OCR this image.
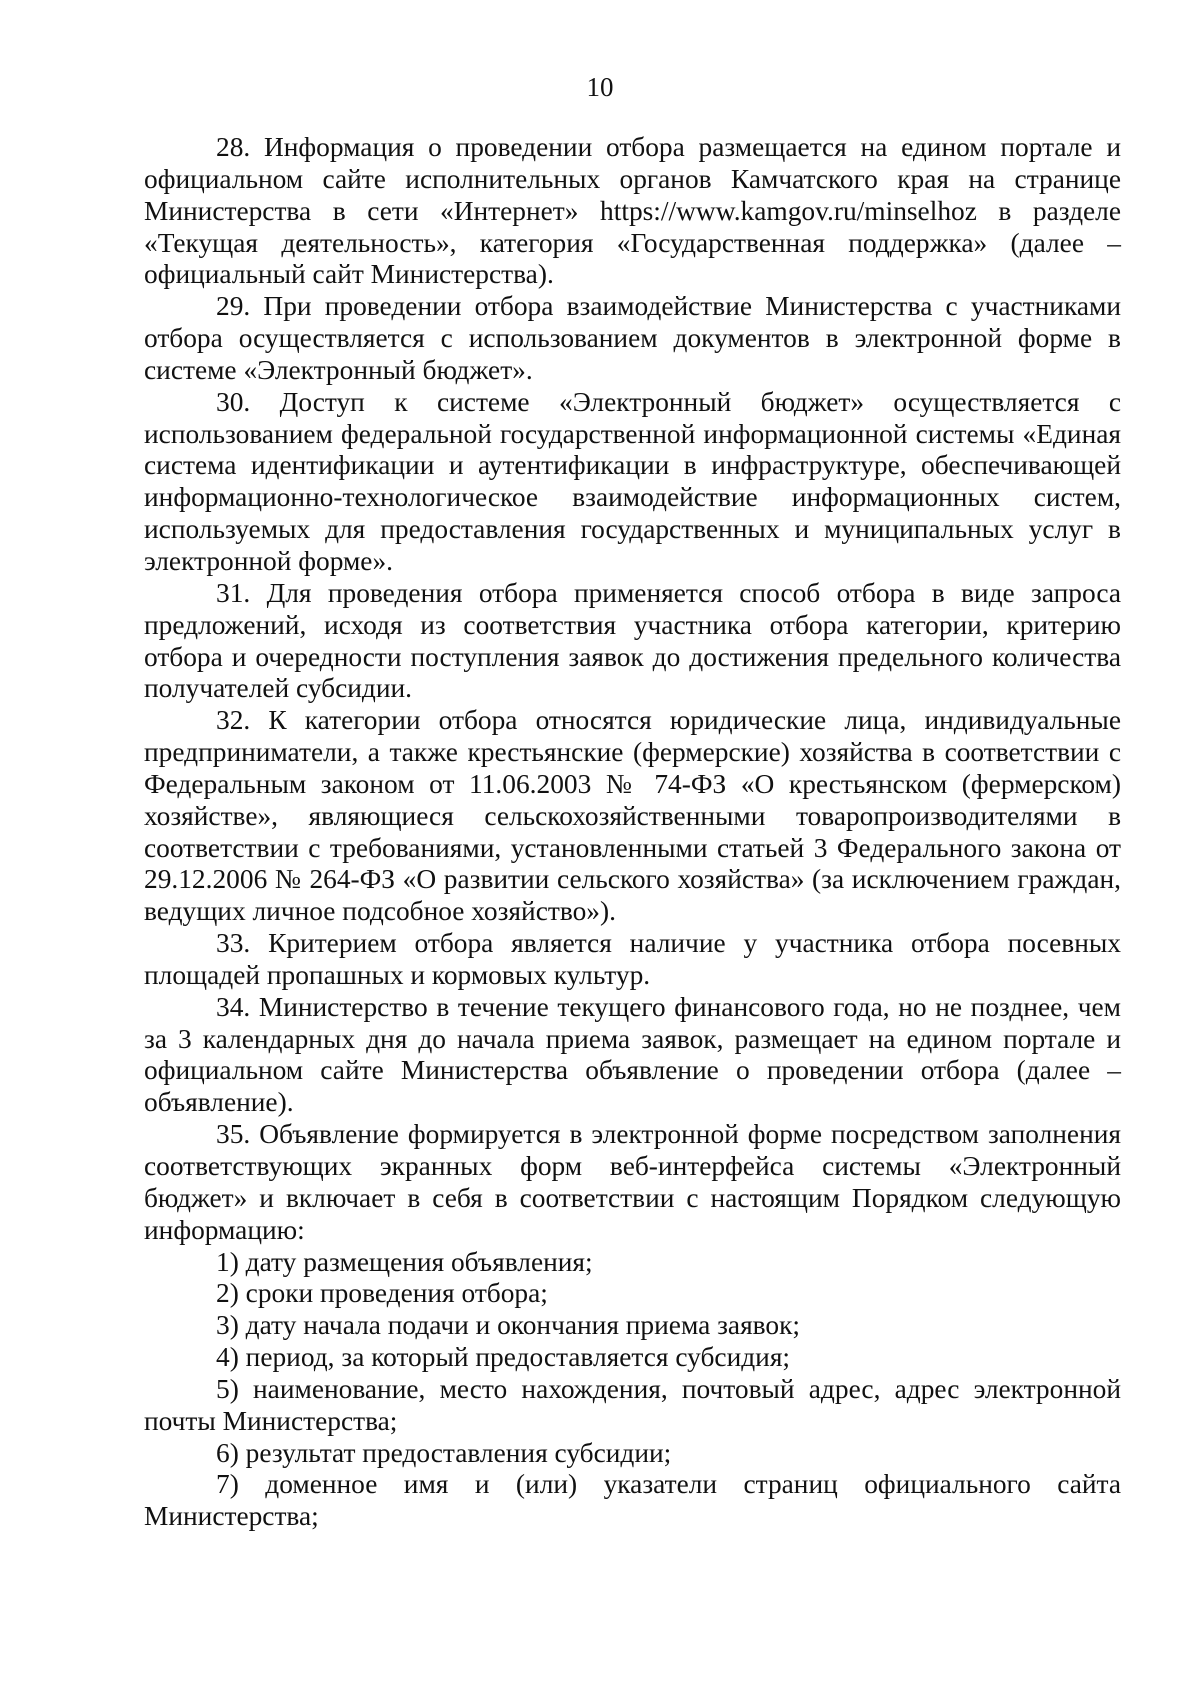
10

28. Информация о проведении отбора размещается на едином портале и официальном сайте исполнительных органов Камчатского края на странице Министерства в сети «Интернет» https://www.kamgov.ru/minselhoz в разделе «Текущая деятельность», категория «Государственная поддержка» (далее – официальный сайт Министерства).

29. При проведении отбора взаимодействие Министерства с участниками отбора осуществляется с использованием документов в электронной форме в системе «Электронный бюджет».

30. Доступ к системе «Электронный бюджет» осуществляется с использованием федеральной государственной информационной системы «Единая система идентификации и аутентификации в инфраструктуре, обеспечивающей информационно-технологическое взаимодействие информационных систем, используемых для предоставления государственных и муниципальных услуг в электронной форме».

31. Для проведения отбора применяется способ отбора в виде запроса предложений, исходя из соответствия участника отбора категории, критерию отбора и очередности поступления заявок до достижения предельного количества получателей субсидии.

32. К категории отбора относятся юридические лица, индивидуальные предприниматели, а также крестьянские (фермерские) хозяйства в соответствии с Федеральным законом от 11.06.2003 № 74-ФЗ «О крестьянском (фермерском) хозяйстве», являющиеся сельскохозяйственными товаропроизводителями в соответствии с требованиями, установленными статьей 3 Федерального закона от 29.12.2006 № 264-ФЗ «О развитии сельского хозяйства» (за исключением граждан, ведущих личное подсобное хозяйство»).

33. Критерием отбора является наличие у участника отбора посевных площадей пропашных и кормовых культур.

34. Министерство в течение текущего финансового года, но не позднее, чем за 3 календарных дня до начала приема заявок, размещает на едином портале и официальном сайте Министерства объявление о проведении отбора (далее – объявление).

35. Объявление формируется в электронной форме посредством заполнения соответствующих экранных форм веб-интерфейса системы «Электронный бюджет» и включает в себя в соответствии с настоящим Порядком следующую информацию:

1) дату размещения объявления;

2) сроки проведения отбора;

3) дату начала подачи и окончания приема заявок;

4) период, за который предоставляется субсидия;

5) наименование, место нахождения, почтовый адрес, адрес электронной почты Министерства;

6) результат предоставления субсидии;

7) доменное имя и (или) указатели страниц официального сайта Министерства;
